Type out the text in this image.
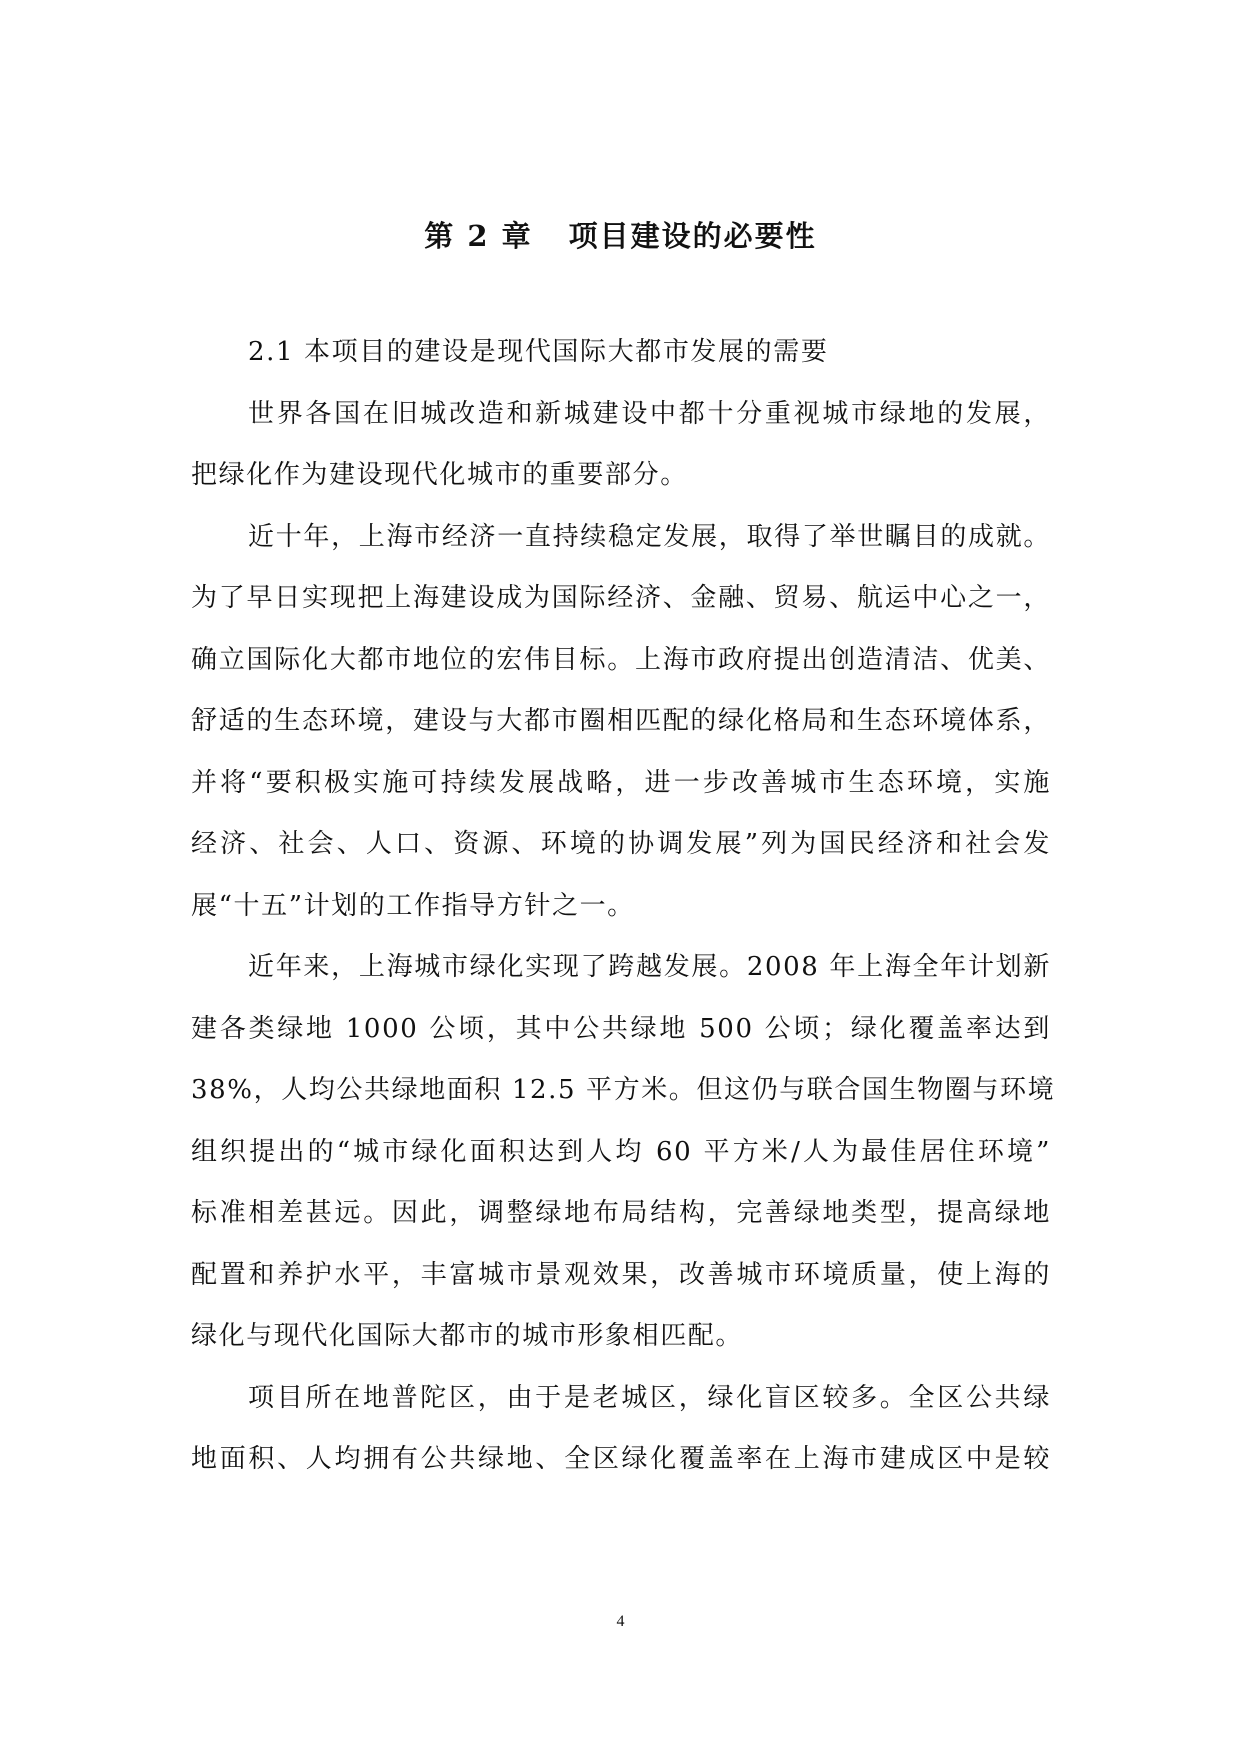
第 2 章 项目建设的必要性
2.1 本项目的建设是现代国际大都市发展的需要
世界各国在旧城改造和新城建设中都十分重视城市绿地的发展，
把绿化作为建设现代化城市的重要部分。
近十年，上海市经济一直持续稳定发展，取得了举世瞩目的成就。
为了早日实现把上海建设成为国际经济、金融、贸易、航运中心之一，
确立国际化大都市地位的宏伟目标。上海市政府提出创造清洁、优美、
舒适的生态环境，建设与大都市圈相匹配的绿化格局和生态环境体系，
并将“要积极实施可持续发展战略，进一步改善城市生态环境，实施
经济、社会、人口、资源、环境的协调发展”列为国民经济和社会发
展“十五”计划的工作指导方针之一。
近年来，上海城市绿化实现了跨越发展。2008 年上海全年计划新
建各类绿地 1000 公顷，其中公共绿地 500 公顷；绿化覆盖率达到
38%，人均公共绿地面积 12.5 平方米。但这仍与联合国生物圈与环境
组织提出的“城市绿化面积达到人均 60 平方米/人为最佳居住环境”
标准相差甚远。因此，调整绿地布局结构，完善绿地类型，提高绿地
配置和养护水平，丰富城市景观效果，改善城市环境质量，使上海的
绿化与现代化国际大都市的城市形象相匹配。
项目所在地普陀区，由于是老城区，绿化盲区较多。全区公共绿
地面积、人均拥有公共绿地、全区绿化覆盖率在上海市建成区中是较
4
